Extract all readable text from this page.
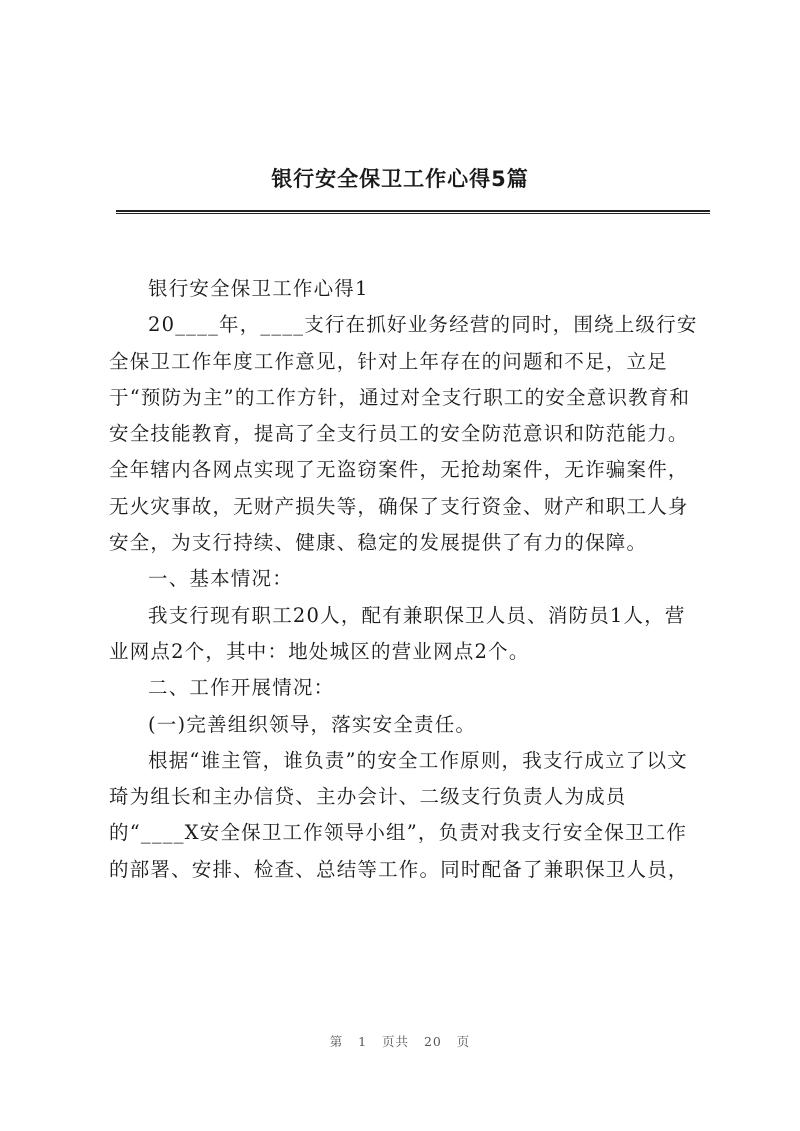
银行安全保卫工作心得5篇

银行安全保卫工作心得1

20____年，____支行在抓好业务经营的同时，围绕上级行安全保卫工作年度工作意见，针对上年存在的问题和不足，立足于“预防为主”的工作方针，通过对全支行职工的安全意识教育和安全技能教育，提高了全支行员工的安全防范意识和防范能力。全年辖内各网点实现了无盗窃案件，无抢劫案件，无诈骗案件，无火灾事故，无财产损失等，确保了支行资金、财产和职工人身安全，为支行持续、健康、稳定的发展提供了有力的保障。

一、基本情况：

我支行现有职工20人，配有兼职保卫人员、消防员1人，营业网点2个，其中：地处城区的营业网点2个。

二、工作开展情况：

(一)完善组织领导，落实安全责任。

根据“谁主管，谁负责”的安全工作原则，我支行成立了以文琦为组长和主办信贷、主办会计、二级支行负责人为成员的“____X安全保卫工作领导小组”，负责对我支行安全保卫工作的部署、安排、检查、总结等工作。同时配备了兼职保卫人员，

第 1 页共 20 页
